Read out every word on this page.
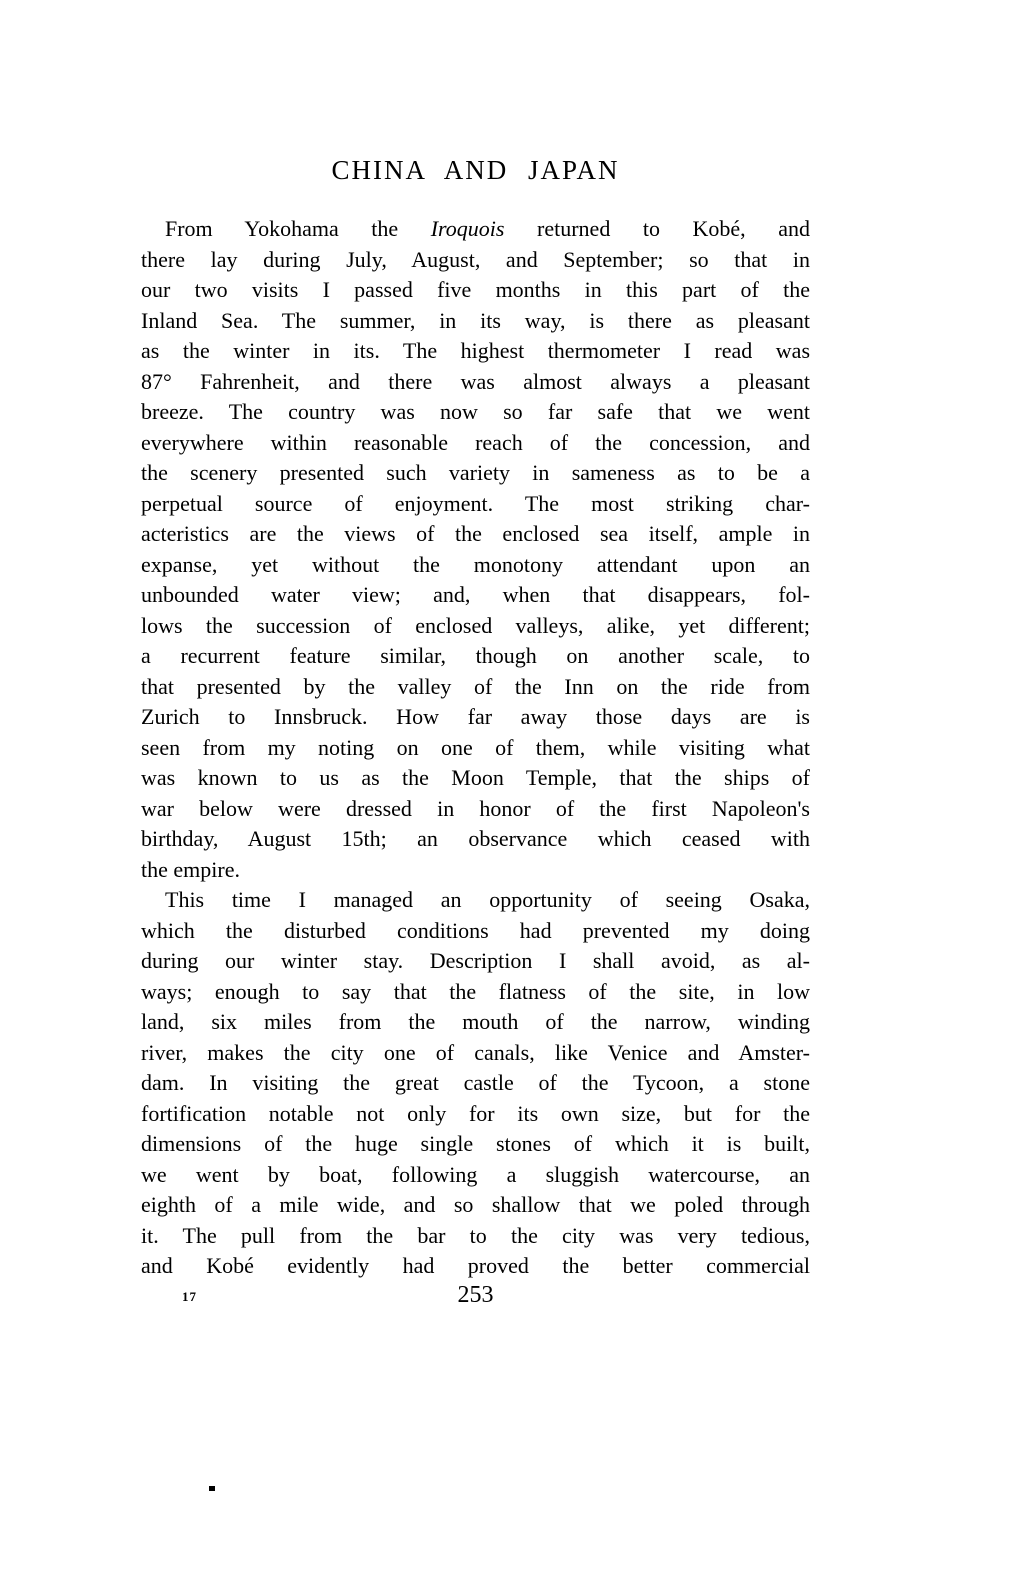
CHINA AND JAPAN
From Yokohama the Iroquois returned to Kobé, and
there lay during July, August, and September; so that in
our two visits I passed five months in this part of the
Inland Sea. The summer, in its way, is there as pleasant
as the winter in its. The highest thermometer I read was
87° Fahrenheit, and there was almost always a pleasant
breeze. The country was now so far safe that we went
everywhere within reasonable reach of the concession, and
the scenery presented such variety in sameness as to be a
perpetual source of enjoyment. The most striking char-
acteristics are the views of the enclosed sea itself, ample in
expanse, yet without the monotony attendant upon an
unbounded water view; and, when that disappears, fol-
lows the succession of enclosed valleys, alike, yet different;
a recurrent feature similar, though on another scale, to
that presented by the valley of the Inn on the ride from
Zurich to Innsbruck. How far away those days are is
seen from my noting on one of them, while visiting what
was known to us as the Moon Temple, that the ships of
war below were dressed in honor of the first Napoleon's
birthday, August 15th; an observance which ceased with
the empire.
This time I managed an opportunity of seeing Osaka,
which the disturbed conditions had prevented my doing
during our winter stay. Description I shall avoid, as al-
ways; enough to say that the flatness of the site, in low
land, six miles from the mouth of the narrow, winding
river, makes the city one of canals, like Venice and Amster-
dam. In visiting the great castle of the Tycoon, a stone
fortification notable not only for its own size, but for the
dimensions of the huge single stones of which it is built,
we went by boat, following a sluggish watercourse, an
eighth of a mile wide, and so shallow that we poled through
it. The pull from the bar to the city was very tedious,
and Kobé evidently had proved the better commercial
17	253
